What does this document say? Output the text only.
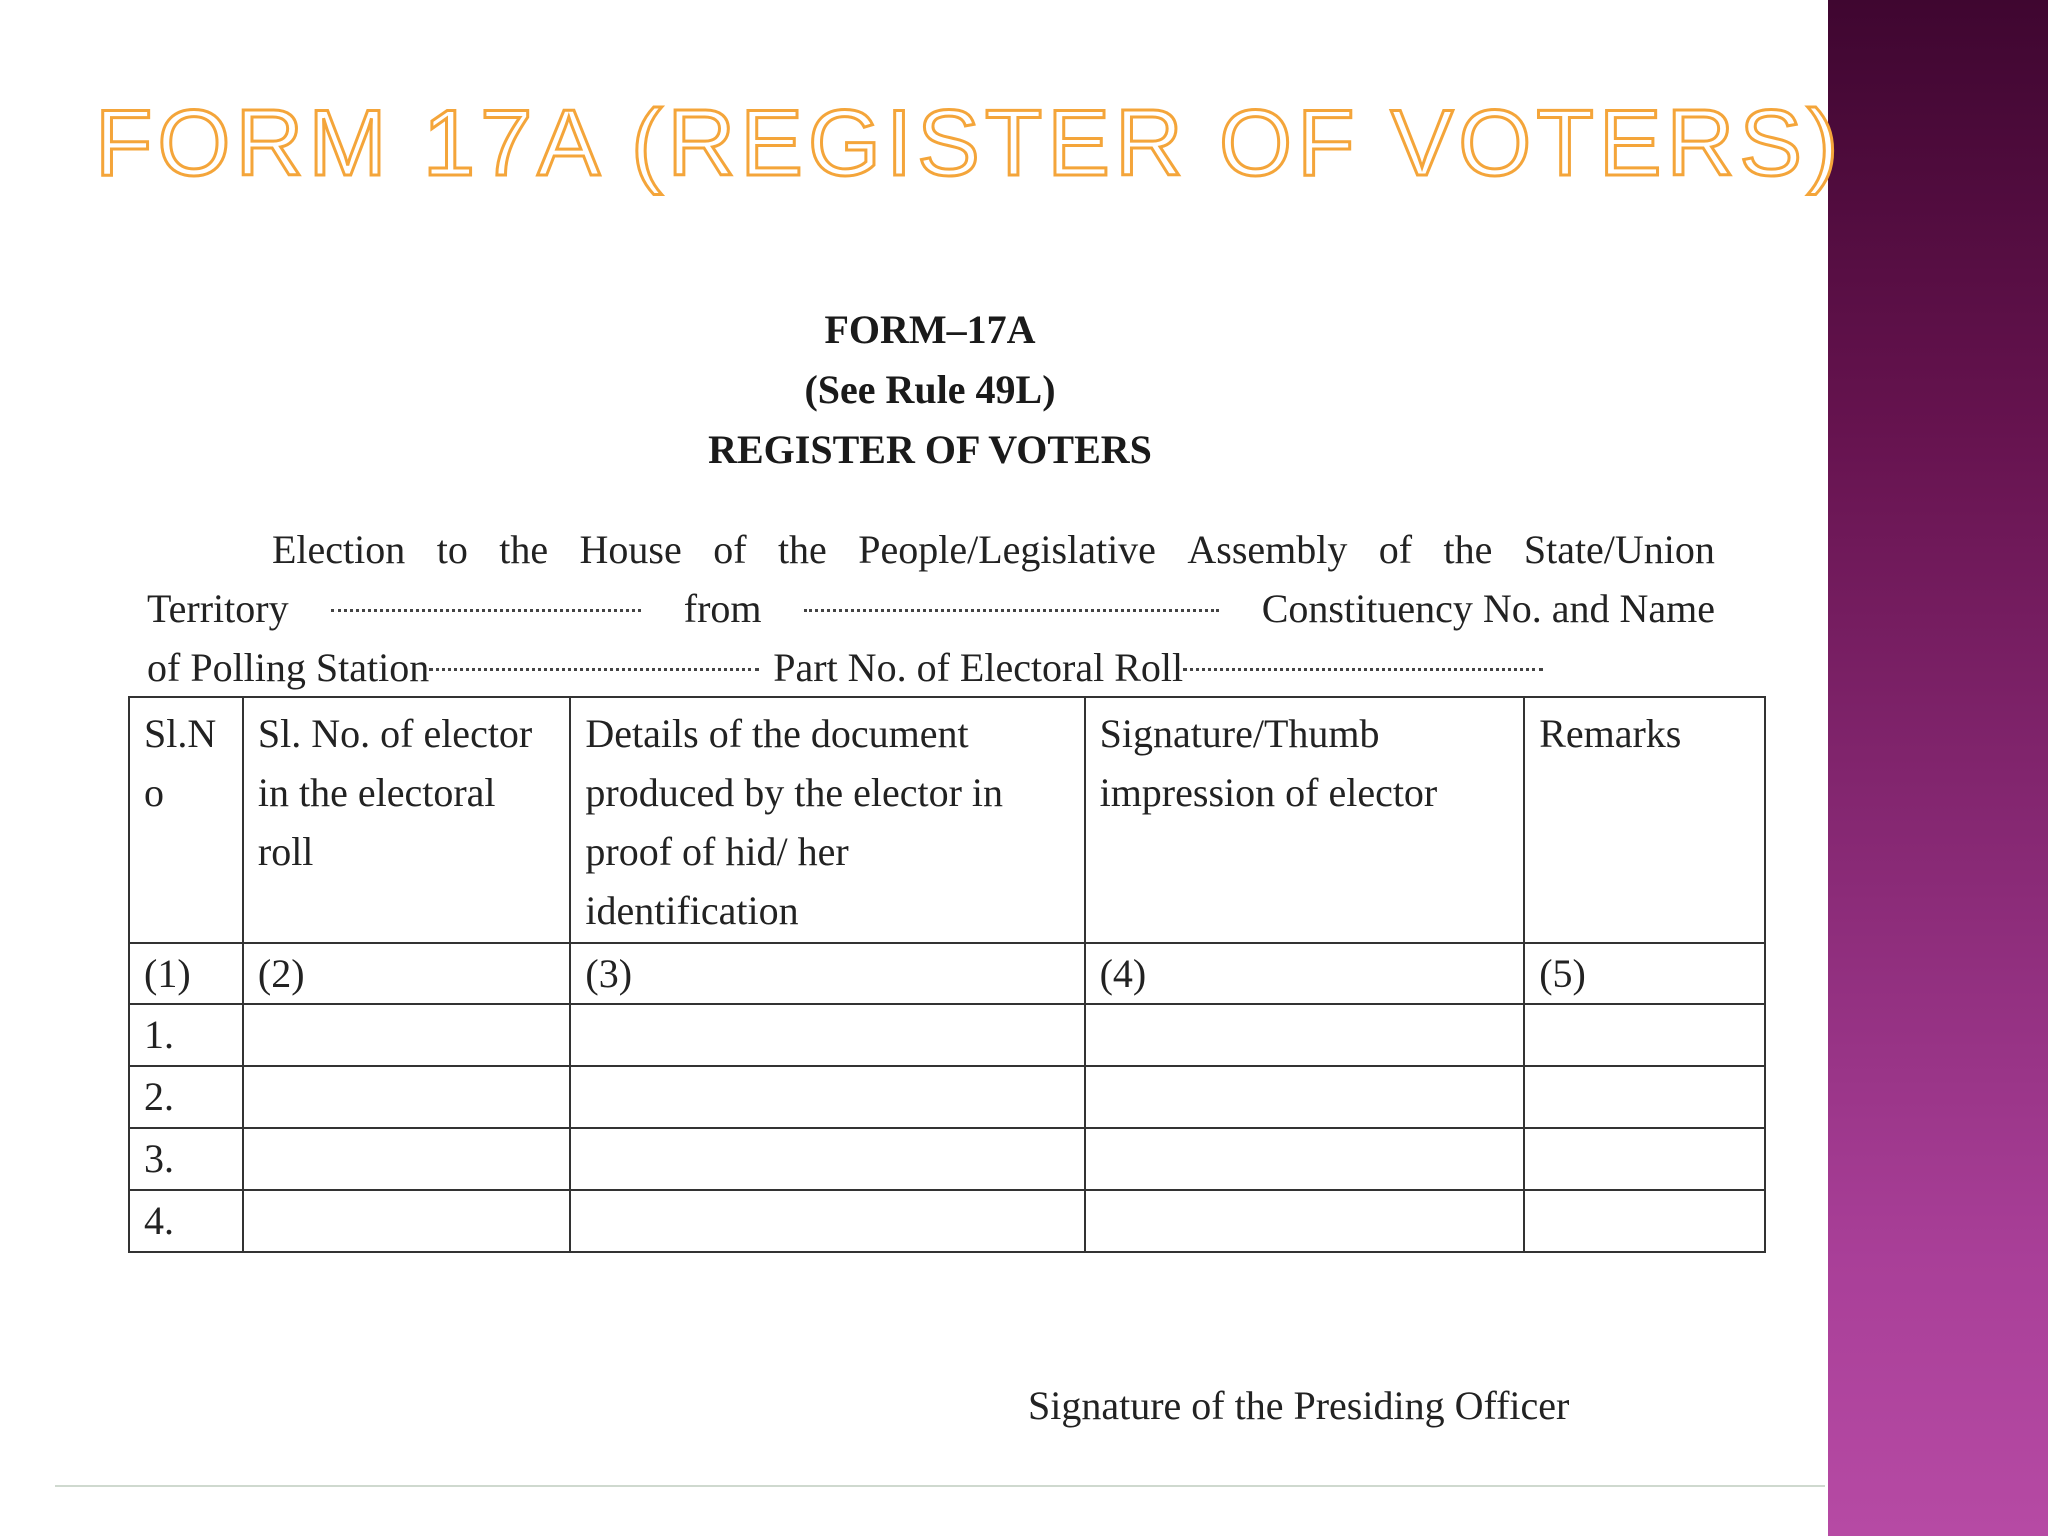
FORM 17A (REGISTER OF VOTERS)
FORM–17A
(See Rule 49L)
REGISTER OF VOTERS
Election to the House of the People/Legislative Assembly of the State/Union
Territory	from	Constituency No. and Name
of Polling Station	Part No. of Electoral Roll
Sl.No	Sl. No. of elector in the electoral roll	Details of the document produced by the elector in proof of hid/ her identification	Signature/Thumb impression of elector	Remarks
(1)	(2)	(3)	(4)	(5)
1.				
2.				
3.				
4.				
Signature of the Presiding Officer
